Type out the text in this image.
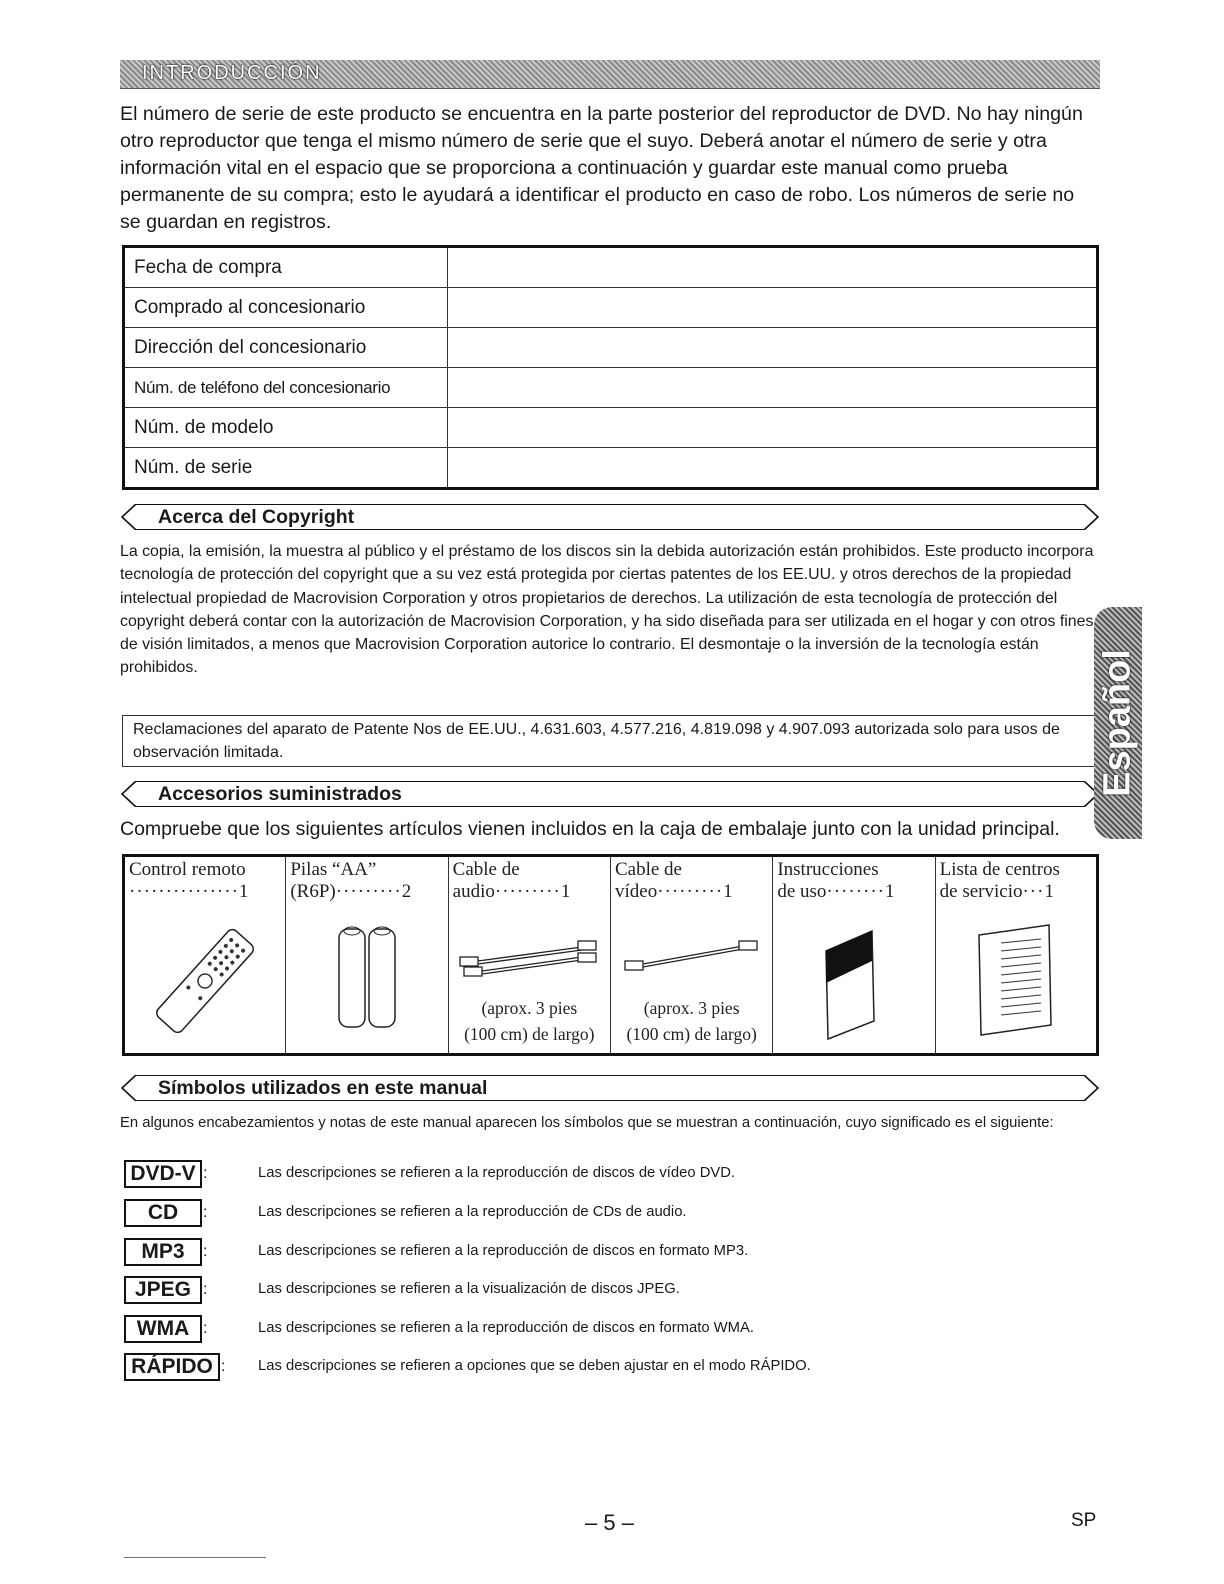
INTRODUCCIÓN

El número de serie de este producto se encuentra en la parte posterior del reproductor de DVD. No hay ningún otro reproductor que tenga el mismo número de serie que el suyo. Deberá anotar el número de serie y otra información vital en el espacio que se proporciona a continuación y guardar este manual como prueba permanente de su compra; esto le ayudará a identificar el producto en caso de robo. Los números de serie no se guardan en registros.

Fecha de compra	
Comprado al concesionario	
Dirección del concesionario	
Núm. de teléfono del concesionario	
Núm. de modelo	
Núm. de serie	
Acerca del Copyright

La copia, la emisión, la muestra al público y el préstamo de los discos sin la debida autorización están prohibidos. Este producto incorpora tecnología de protección del copyright que a su vez está protegida por ciertas patentes de los EE.UU. y otros derechos de la propiedad intelectual propiedad de Macrovision Corporation y otros propietarios de derechos. La utilización de esta tecnología de protección del copyright deberá contar con la autorización de Macrovision Corporation, y ha sido diseñada para ser utilizada en el hogar y con otros fines de visión limitados, a menos que Macrovision Corporation autorice lo contrario. El desmontaje o la inversión de la tecnología están prohibidos.

Reclamaciones del aparato de Patente Nos de EE.UU., 4.631.603, 4.577.216, 4.819.098 y 4.907.093 autorizada solo para usos de observación limitada.
Accesorios suministrados

Compruebe que los siguientes artículos vienen incluidos en la caja de embalaje junto con la unidad principal.

Control remoto
···············1

Pilas “AA”
(R6P)·········2

Cable de
audio·········1
(aprox. 3 pies
(100 cm) de largo)

Cable de
vídeo·········1
(aprox. 3 pies
(100 cm) de largo)

Instrucciones
de uso········1

Lista de centros
de servicio···1
Símbolos utilizados en este manual

En algunos encabezamientos y notas de este manual aparecen los símbolos que se muestran a continuación, cuyo significado es el siguiente:

DVD-V :	Las descripciones se refieren a la reproducción de discos de vídeo DVD.
CD :	Las descripciones se refieren a la reproducción de CDs de audio.
MP3 :	Las descripciones se refieren a la reproducción de discos en formato MP3.
JPEG :	Las descripciones se refieren a la visualización de discos JPEG.
WMA :	Las descripciones se refieren a la reproducción de discos en formato WMA.
RÁPIDO : Las descripciones se refieren a opciones que se deben ajustar en el modo RÁPIDO.
Español
– 5 –	SP
